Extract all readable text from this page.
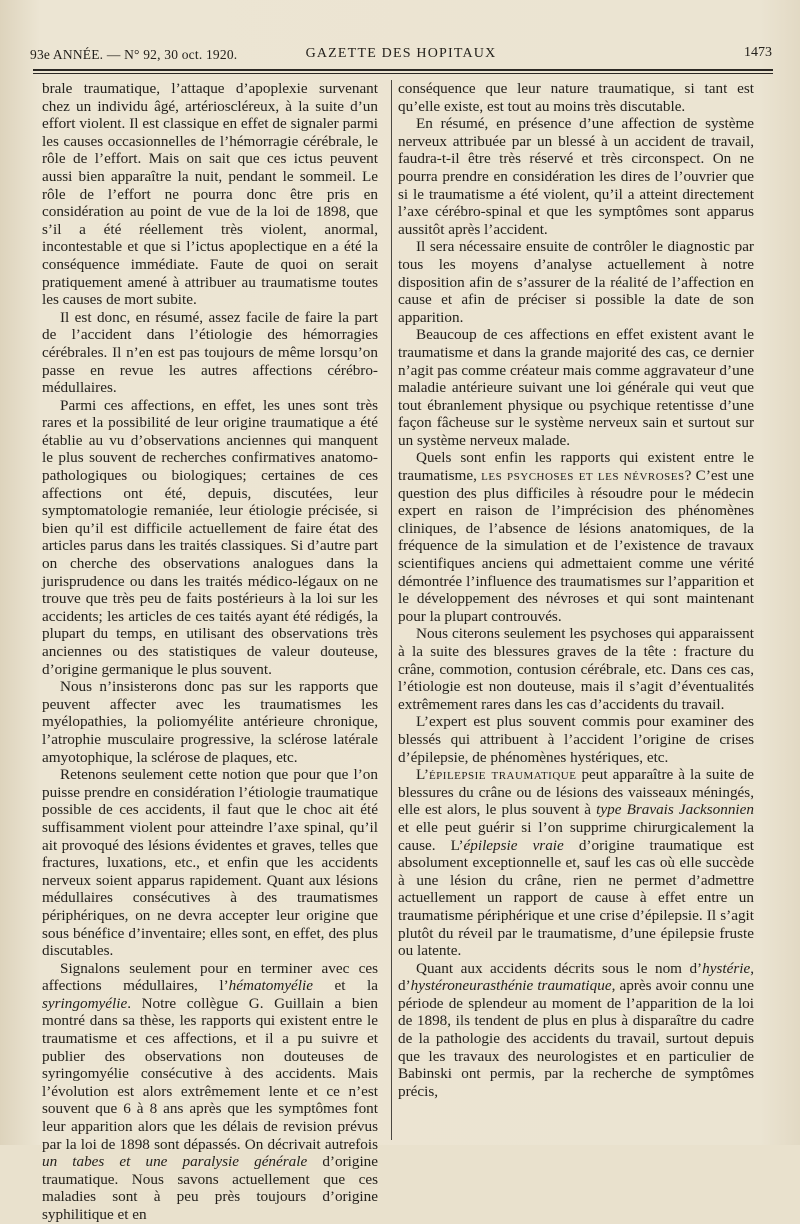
93e ANNÉE. — N° 92, 30 oct. 1920.	GAZETTE DES HOPITAUX	1473

brale traumatique, l’attaque d’apoplexie survenant chez un individu âgé, artérioscléreux, à la suite d’un effort violent. Il est classique en effet de signaler parmi les causes occasionnelles de l’hémorragie cérébrale, le rôle de l’effort. Mais on sait que ces ictus peuvent aussi bien apparaître la nuit, pendant le sommeil. Le rôle de l’effort ne pourra donc être pris en considération au point de vue de la loi de 1898, que s’il a été réellement très violent, anormal, incontestable et que si l’ictus apoplectique en a été la conséquence immédiate. Faute de quoi on serait pratiquement amené à attribuer au traumatisme toutes les causes de mort subite.

Il est donc, en résumé, assez facile de faire la part de l’accident dans l’étiologie des hémorragies cérébrales. Il n’en est pas toujours de même lorsqu’on passe en revue les autres affections cérébro-médullaires.

Parmi ces affections, en effet, les unes sont très rares et la possibilité de leur origine traumatique a été établie au vu d’observations anciennes qui manquent le plus souvent de recherches confirmatives anatomo-pathologiques ou biologiques; certaines de ces affections ont été, depuis, discutées, leur symptomatologie remaniée, leur étiologie précisée, si bien qu’il est difficile actuellement de faire état des articles parus dans les traités classiques. Si d’autre part on cherche des observations analogues dans la jurisprudence ou dans les traités médico-légaux on ne trouve que très peu de faits postérieurs à la loi sur les accidents; les articles de ces taités ayant été rédigés, la plupart du temps, en utilisant des observations très anciennes ou des statistiques de valeur douteuse, d’origine germanique le plus souvent.

Nous n’insisterons donc pas sur les rapports que peuvent affecter avec les traumatismes les myélopathies, la poliomyélite antérieure chronique, l’atrophie musculaire progressive, la sclérose latérale amyotophique, la sclérose de plaques, etc.

Retenons seulement cette notion que pour que l’on puisse prendre en considération l’étiologie traumatique possible de ces accidents, il faut que le choc ait été suffisamment violent pour atteindre l’axe spinal, qu’il ait provoqué des lésions évidentes et graves, telles que fractures, luxations, etc., et enfin que les accidents nerveux soient apparus rapidement. Quant aux lésions médullaires consécutives à des traumatismes périphériques, on ne devra accepter leur origine que sous bénéfice d’inventaire; elles sont, en effet, des plus discutables.

Signalons seulement pour en terminer avec ces affections médullaires, l’hématomyélie et la syringomyélie. Notre collègue G. Guillain a bien montré dans sa thèse, les rapports qui existent entre le traumatisme et ces affections, et il a pu suivre et publier des observations non douteuses de syringomyélie consécutive à des accidents. Mais l’évolution est alors extrêmement lente et ce n’est souvent que 6 à 8 ans après que les symptômes font leur apparition alors que les délais de revision prévus par la loi de 1898 sont dépassés. On décrivait autrefois un tabes et une paralysie générale d’origine traumatique. Nous savons actuellement que ces maladies sont à peu près toujours d’origine syphilitique et en

conséquence que leur nature traumatique, si tant est qu’elle existe, est tout au moins très discutable.

En résumé, en présence d’une affection de système nerveux attribuée par un blessé à un accident de travail, faudra-t-il être très réservé et très circonspect. On ne pourra prendre en considération les dires de l’ouvrier que si le traumatisme a été violent, qu’il a atteint directement l’axe cérébro-spinal et que les symptômes sont apparus aussitôt après l’accident.

Il sera nécessaire ensuite de contrôler le diagnostic par tous les moyens d’analyse actuellement à notre disposition afin de s’assurer de la réalité de l’affection en cause et afin de préciser si possible la date de son apparition.

Beaucoup de ces affections en effet existent avant le traumatisme et dans la grande majorité des cas, ce dernier n’agit pas comme créateur mais comme aggravateur d’une maladie antérieure suivant une loi générale qui veut que tout ébranlement physique ou psychique retentisse d’une façon fâcheuse sur le système nerveux sain et surtout sur un système nerveux malade.

Quels sont enfin les rapports qui existent entre le traumatisme, les psychoses et les névroses? C’est une question des plus difficiles à résoudre pour le médecin expert en raison de l’imprécision des phénomènes cliniques, de l’absence de lésions anatomiques, de la fréquence de la simulation et de l’existence de travaux scientifiques anciens qui admettaient comme une vérité démontrée l’influence des traumatismes sur l’apparition et le développement des névroses et qui sont maintenant pour la plupart controuvés.

Nous citerons seulement les psychoses qui apparaissent à la suite des blessures graves de la tête : fracture du crâne, commotion, contusion cérébrale, etc. Dans ces cas, l’étiologie est non douteuse, mais il s’agit d’éventualités extrêmement rares dans les cas d’accidents du travail.

L’expert est plus souvent commis pour examiner des blessés qui attribuent à l’accident l’origine de crises d’épilepsie, de phénomènes hystériques, etc.

L’épilepsie traumatique peut apparaître à la suite de blessures du crâne ou de lésions des vaisseaux méningés, elle est alors, le plus souvent à type Bravais Jacksonnien et elle peut guérir si l’on supprime chirurgicalement la cause. L’épilepsie vraie d’origine traumatique est absolument exceptionnelle et, sauf les cas où elle succède à une lésion du crâne, rien ne permet d’admettre actuellement un rapport de cause à effet entre un traumatisme périphérique et une crise d’épilepsie. Il s’agit plutôt du réveil par le traumatisme, d’une épilepsie fruste ou latente.

Quant aux accidents décrits sous le nom d’hystérie, d’hystéroneurasthénie traumatique, après avoir connu une période de splendeur au moment de l’apparition de la loi de 1898, ils tendent de plus en plus à disparaître du cadre de la pathologie des accidents du travail, surtout depuis que les travaux des neurologistes et en particulier de Babinski ont permis, par la recherche de symptômes précis,
